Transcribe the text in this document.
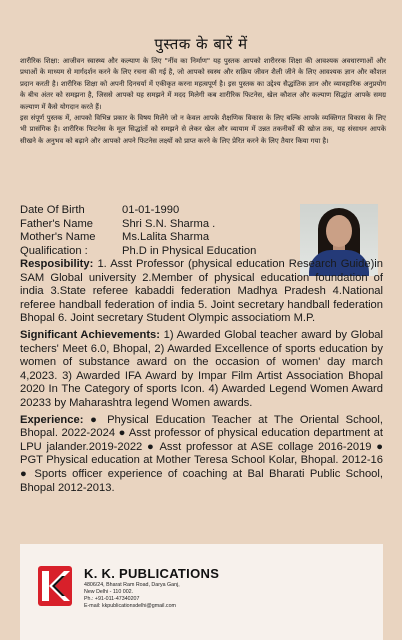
पुस्तक के बारें में

शारीरिक शिक्षा: आजीवन स्वास्थ्य और कल्याण के लिए "नींव का निर्माण" यह पुस्तक आपको शारीररक शिक्षा की आवश्यक अवधारणाओं और प्रथाओं के माध्यम से मार्गदर्शन करने के लिए रचना की गई है, जो आपको स्वस्थ और सक्रिय जीवन शैली जीने के लिए आवश्यक ज्ञान और कौशल प्रदान करती है। शारीरिक शिक्षा को अपनी दिनचर्या में एकीकृत करना महत्वपूर्ण है। इस पुस्तक का उद्देश्य सैद्धांतिक ज्ञान और व्यावहारिक अनुप्रयोग के बीच अंतर को समझना है, जिससे आपको यह समझने में मदद मिलेगी कब शारीरिक फिटनेस, खेल कौशल और कल्याण सिद्धांत आपके समग्र कल्याण में कैसे योगदान करते हैं।

इस संपूर्ण पुस्तक में, आपको विभिन्न प्रकार के विषय मिलेंगे जो न केवल आपके शैक्षणिक विकास के लिए बल्कि आपके व्यक्तिगत विकास के लिए भी प्रासंगिक है। शारीरिक फिटनेस के मूल सिद्धांतों को समझने से लेकर खेल और व्यायाम में उन्नत तकनीकों की खोज तक, यह संसाधन आपके सीखने के अनुभव को बढ़ाने और आपको अपने फिटनेस लक्ष्यों को प्राप्त करने के लिए प्रेरित करने के लिए तैयार किया गया है।

Date Of Birth	01-01-1990
Father's Name	Shri S.N. Sharma .
Mother's Name	Ms.Lalita Sharma
Qualification :	Ph.D in Physical Education

Resposibility: 1. Asst Professor (physical education Research Guide)in SAM Global university 2.Member of physical education foundation of india 3.State referee kabaddi federation Madhya Pradesh 4.National referee handball federation of india 5. Joint secretary handball federation Bhopal 6. Joint secretary Student Olympic associatiom M.P.

Significant Achievements: 1) Awarded Global teacher award by Global techers' Meet 6.0, Bhopal, 2) Awarded Excellence of sports education by women of substance award on the occasion of women' day march 4,2023. 3) Awarded IFA Award by Impar Film Artist Association Bhopal 2020 In The Category of sports Icon. 4) Awarded Legend Women Award 20233 by Maharashtra legend Women awards.

Experience: ● Physical Education Teacher at The Oriental School, Bhopal. 2022-2024 ● Asst professor of physical education department at LPU jalander.2019-2022 ● Asst professor at ASE collage 2016-2019 ● PGT Physical education at Mother Teresa School Kolar, Bhopal. 2012-16 ● Sports officer experience of coaching at Bal Bharati Public School, Bhopal 2012-2013.

K. K. PUBLICATIONS
4806/24, Bharat Ram Road, Darya Ganj,
New Delhi - 110 002.
Ph.: +91-011-47340207
E-mail: kkpublicationsdelhi@gmail.com
